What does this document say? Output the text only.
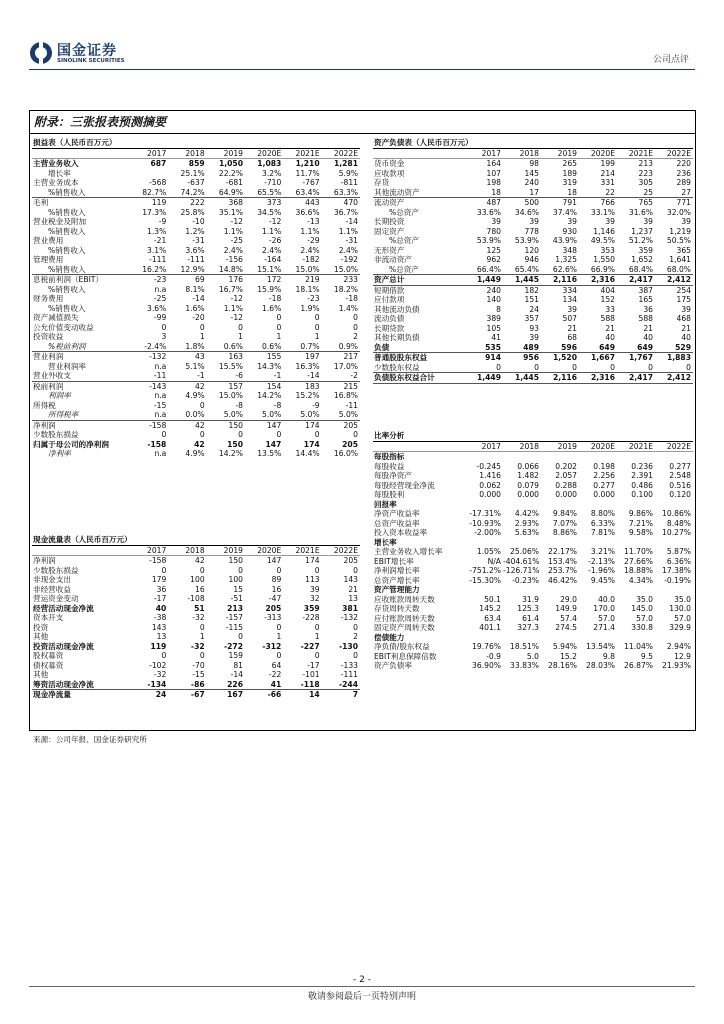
国金证券
SINOLINK SECURITIES	公司点评
附录：三张报表预测摘要
损益表（人民币百万元）						
	2017	2018	2019	2020E	2021E	2022E
主营业务收入	687	859	1,050	1,083	1,210	1,281
增长率		25.1%	22.2%	3.2%	11.7%	5.9%
主营业务成本	-568	-637	-681	-710	-767	-811
%销售收入	82.7%	74.2%	64.9%	65.5%	63.4%	63.3%
毛利	119	222	368	373	443	470
%销售收入	17.3%	25.8%	35.1%	34.5%	36.6%	36.7%
营业税金及附加	-9	-10	-12	-12	-13	-14
%销售收入	1.3%	1.2%	1.1%	1.1%	1.1%	1.1%
营业费用	-21	-31	-25	-26	-29	-31
%销售收入	3.1%	3.6%	2.4%	2.4%	2.4%	2.4%
管理费用	-111	-111	-156	-164	-182	-192
%销售收入	16.2%	12.9%	14.8%	15.1%	15.0%	15.0%
息税前利润（EBIT）	-23	69	176	172	219	233
%销售收入	n.a	8.1%	16.7%	15.9%	18.1%	18.2%
财务费用	-25	-14	-12	-18	-23	-18
%销售收入	3.6%	1.6%	1.1%	1.6%	1.9%	1.4%
资产减值损失	-99	-20	-12	0	0	0
公允价值变动收益	0	0	0	0	0	0
投资收益	3	1	1	1	1	2
%税前利润	-2.4%	1.8%	0.6%	0.6%	0.7%	0.9%
营业利润	-132	43	163	155	197	217
营业利润率	n.a	5.1%	15.5%	14.3%	16.3%	17.0%
营业外收支	-11	-1	-6	-1	-14	-2
税前利润	-143	42	157	154	183	215
利润率	n.a	4.9%	15.0%	14.2%	15.2%	16.8%
所得税	-15	0	-8	-8	-9	-11
所得税率	n.a	0.0%	5.0%	5.0%	5.0%	5.0%
净利润	-158	42	150	147	174	205
少数股东损益	0	0	0	0	0	0
归属于母公司的净利润	-158	42	150	147	174	205
净利率	n.a	4.9%	14.2%	13.5%	14.4%	16.0%
资产负债表（人民币百万元）						
	2017	2018	2019	2020E	2021E	2022E
货币资金	164	98	265	199	213	220
应收款项	107	145	189	214	223	236
存货	198	240	319	331	305	289
其他流动资产	18	17	18	22	25	27
流动资产	487	500	791	766	765	771
%总资产	33.6%	34.6%	37.4%	33.1%	31.6%	32.0%
长期投资	39	39	39	39	39	39
固定资产	780	778	930	1,146	1,237	1,219
%总资产	53.9%	53.9%	43.9%	49.5%	51.2%	50.5%
无形资产	125	120	348	353	359	365
非流动资产	962	946	1,325	1,550	1,652	1,641
%总资产	66.4%	65.4%	62.6%	66.9%	68.4%	68.0%
资产总计	1,449	1,445	2,116	2,316	2,417	2,412
短期借款	240	182	334	404	387	254
应付款项	140	151	134	152	165	175
其他流动负债	8	24	39	33	36	39
流动负债	389	357	507	588	588	468
长期贷款	105	93	21	21	21	21
其他长期负债	41	39	68	40	40	40
负债	535	489	596	649	649	529
普通股股东权益	914	956	1,520	1,667	1,767	1,883
少数股东权益	0	0	0	0	0	0
负债股东权益合计	1,449	1,445	2,116	2,316	2,417	2,412
比率分析						
	2017	2018	2019	2020E	2021E	2022E
每股指标						
每股收益	-0.245	0.066	0.202	0.198	0.236	0.277
每股净资产	1.416	1.482	2.057	2.256	2.391	2.548
每股经营现金净流	0.062	0.079	0.288	0.277	0.486	0.516
每股股利	0.000	0.000	0.000	0.000	0.100	0.120
回报率						
净资产收益率	-17.31%	4.42%	9.84%	8.80%	9.86%	10.86%
总资产收益率	-10.93%	2.93%	7.07%	6.33%	7.21%	8.48%
投入资本收益率	-2.00%	5.63%	8.86%	7.81%	9.58%	10.27%
增长率						
主营业务收入增长率	1.05%	25.06%	22.17%	3.21%	11.70%	5.87%
EBIT增长率	N/A	-404.61%	153.4%	-2.13%	27.66%	6.36%
净利润增长率	-751.2%	-126.71%	253.7%	-1.96%	18.88%	17.38%
总资产增长率	-15.30%	-0.23%	46.42%	9.45%	4.34%	-0.19%
资产管理能力						
应收账款周转天数	50.1	31.9	29.0	40.0	35.0	35.0
存货周转天数	145.2	125.3	149.9	170.0	145.0	130.0
应付账款周转天数	63.4	61.4	57.4	57.0	57.0	57.0
固定资产周转天数	401.1	327.3	274.5	271.4	330.8	329.9
偿债能力						
净负债/股东权益	19.76%	18.51%	5.94%	13.54%	11.04%	2.94%
EBIT利息保障倍数	-0.9	5.0	15.2	9.8	9.5	12.9
资产负债率	36.90%	33.83%	28.16%	28.03%	26.87%	21.93%
现金流量表（人民币百万元）						
	2017	2018	2019	2020E	2021E	2022E
净利润	-158	42	150	147	174	205
少数股东损益	0	0	0	0	0	0
非现金支出	179	100	100	89	113	143
非经营收益	36	16	15	16	39	21
营运资金变动	-17	-108	-51	-47	32	13
经营活动现金净流	40	51	213	205	359	381
资本开支	-38	-32	-157	-313	-228	-132
投资	143	0	-115	0	0	0
其他	13	1	0	1	1	2
投资活动现金净流	119	-32	-272	-312	-227	-130
股权募资	0	0	159	0	0	0
债权募资	-102	-70	81	64	-17	-133
其他	-32	-15	-14	-22	-101	-111
筹资活动现金净流	-134	-86	226	41	-118	-244
现金净流量	24	-67	167	-66	14	7
来源：公司年报、国金证券研究所
- 2 -
敬请参阅最后一页特别声明
